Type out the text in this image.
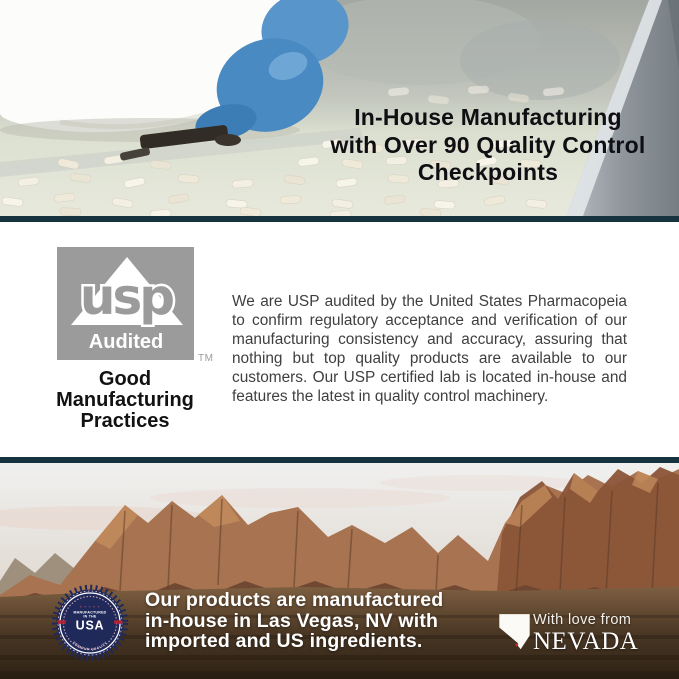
In-House Manufacturing
with Over 90 Quality Control
Checkpoints
usp
Audited
TM
Good
Manufacturing
Practices

We are USP audited by the United States Pharmacopeia to confirm regulatory acceptance and verification of our manufacturing consistency and accuracy, assuring that nothing but top quality products are available to our customers. Our USP certified lab is located in-house and features the latest in quality control machinery.

★ ★ ★ ★ ★
MANUFACTURED
IN THE
USA
PREMIUM QUALITY
Our products are manufactured
in-house in Las Vegas, NV with
imported and US ingredients.	♥
With love from
NEVADA
